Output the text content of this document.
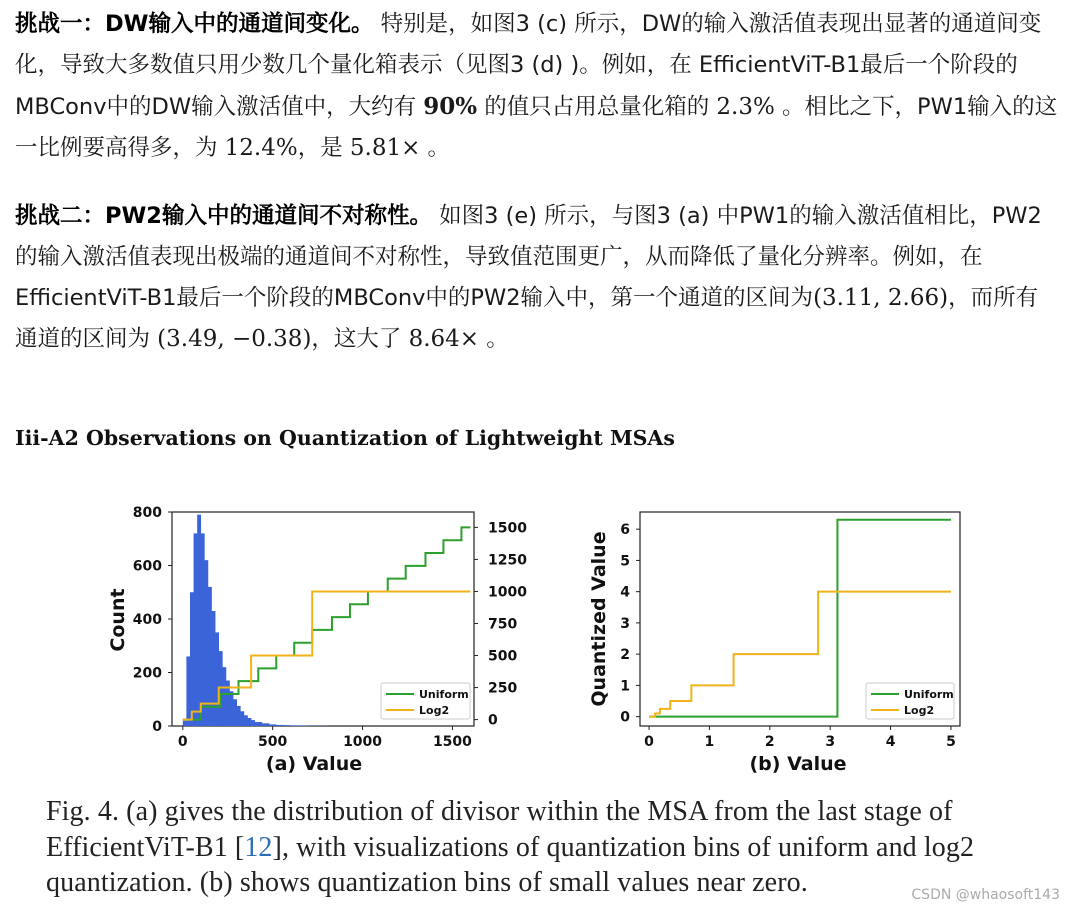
挑战一：DW输入中的通道间变化。 特别是，如图3 (c) 所示，DW的输入激活值表现出显著的通道间变化，导致大多数值只用少数几个量化箱表示（见图3 (d) )。例如，在 EfficientViT-B1最后一个阶段的MBConv中的DW输入激活值中，大约有 90% 的值只占用总量化箱的 2.3% 。相比之下，PW1输入的这一比例要高得多，为 12.4%，是 5.81× 。
挑战二：PW2输入中的通道间不对称性。 如图3 (e) 所示，与图3 (a) 中PW1的输入激活值相比，PW2的输入激活值表现出极端的通道间不对称性，导致值范围更广，从而降低了量化分辨率。例如，在EfficientViT-B1最后一个阶段的MBConv中的PW2输入中，第一个通道的区间为(3.11, 2.66)，而所有通道的区间为 (3.49, −0.38)，这大了 8.64× 。
Iii-A2 Observations on Quantization of Lightweight MSAs
0	500	1000	1500
0
200
400
600
800
0
250
500
750
1000
1250
1500
Count
(a) Value
Uniform
Log2
0	1	2	3	4	5
0
1
2
3
4
5
6
Quantized Value
(b) Value
Uniform
Log2
Fig. 4. (a) gives the distribution of divisor within the MSA from the last stage of EfficientViT-B1 [12], with visualizations of quantization bins of uniform and log2 quantization. (b) shows quantization bins of small values near zero.	CSDN @whaosoft143
